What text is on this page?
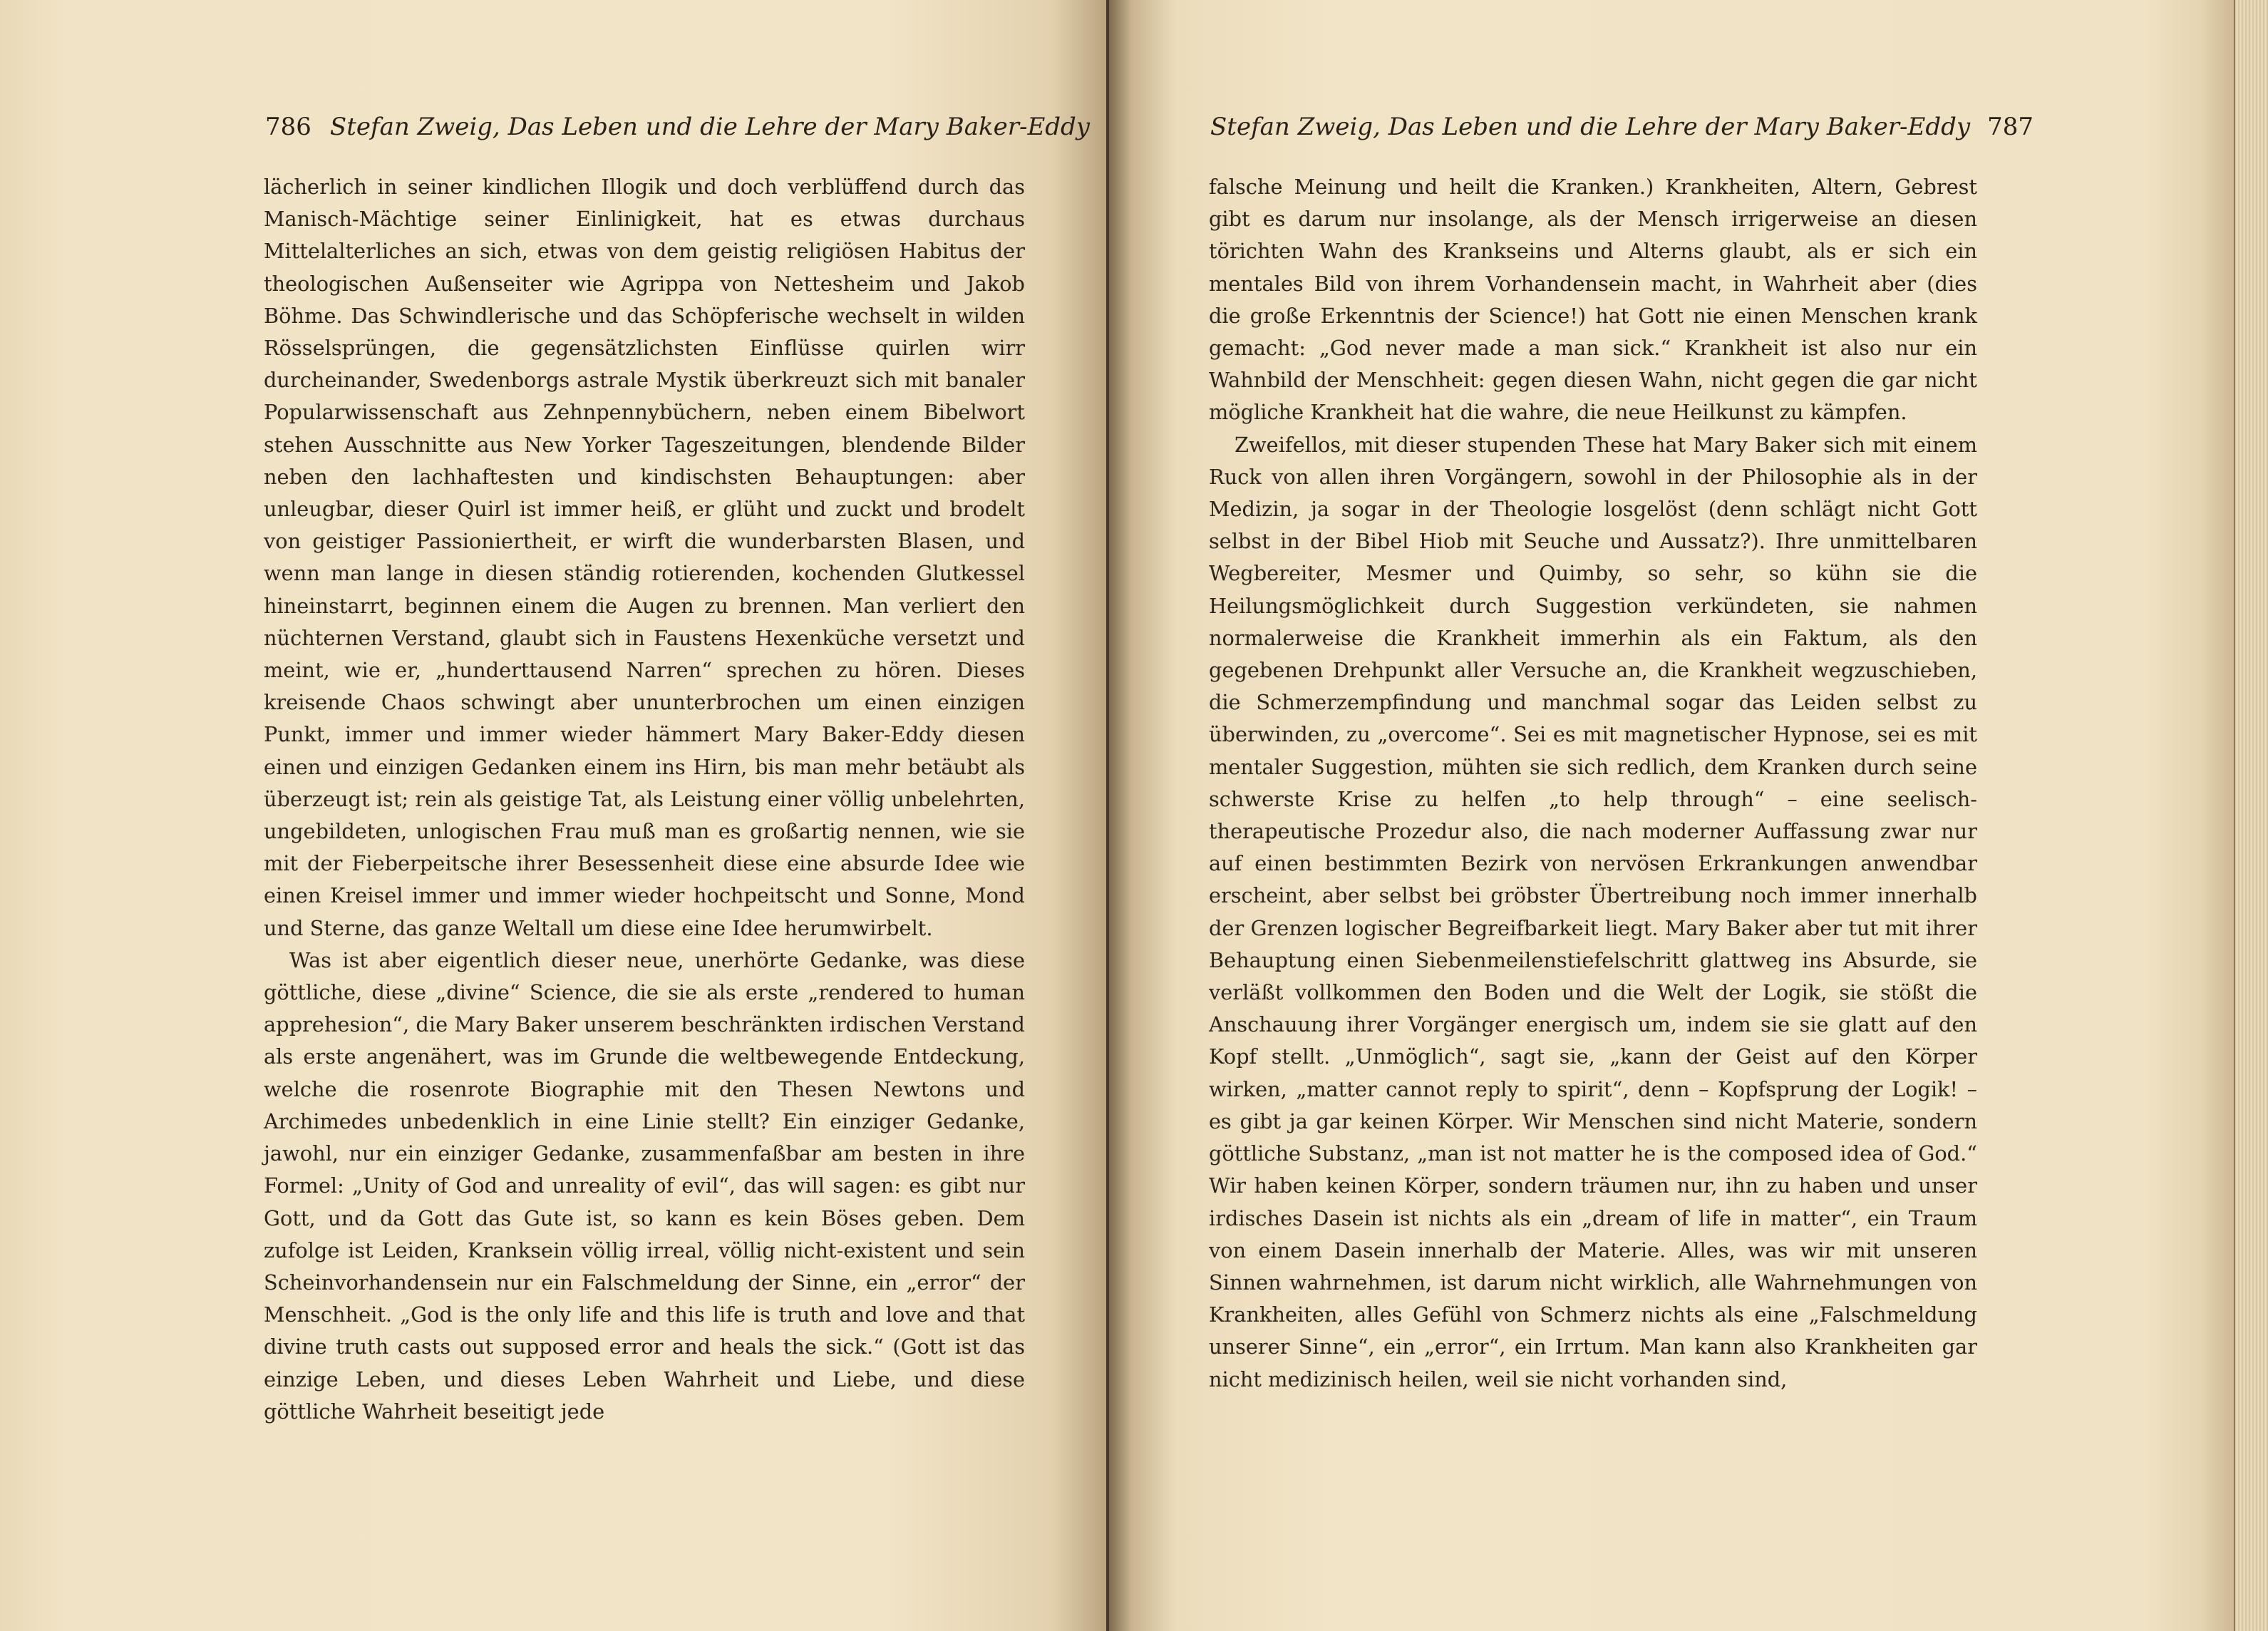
786 Stefan Zweig, Das Leben und die Lehre der Mary Baker-Eddy

lächerlich in seiner kindlichen Illogik und doch verblüffend durch das Manisch-Mächtige seiner Einlinigkeit, hat es etwas durchaus Mittelalterliches an sich, etwas von dem geistig religiösen Habitus der theologischen Außenseiter wie Agrippa von Nettesheim und Jakob Böhme. Das Schwindlerische und das Schöpferische wechselt in wilden Rösselsprüngen, die gegensätzlichsten Einflüsse quirlen wirr durcheinander, Swedenborgs astrale Mystik überkreuzt sich mit banaler Popularwissenschaft aus Zehnpennybüchern, neben einem Bibelwort stehen Ausschnitte aus New Yorker Tageszeitungen, blendende Bilder neben den lachhaftesten und kindischsten Behauptungen: aber unleugbar, dieser Quirl ist immer heiß, er glüht und zuckt und brodelt von geistiger Passioniertheit, er wirft die wunderbarsten Blasen, und wenn man lange in diesen ständig rotierenden, kochenden Glutkessel hineinstarrt, beginnen einem die Augen zu brennen. Man verliert den nüchternen Verstand, glaubt sich in Faustens Hexenküche versetzt und meint, wie er, „hunderttausend Narren“ sprechen zu hören. Dieses kreisende Chaos schwingt aber ununterbrochen um einen einzigen Punkt, immer und immer wieder hämmert Mary Baker-Eddy diesen einen und einzigen Gedanken einem ins Hirn, bis man mehr betäubt als überzeugt ist; rein als geistige Tat, als Leistung einer völlig unbelehrten, ungebildeten, unlogischen Frau muß man es großartig nennen, wie sie mit der Fieberpeitsche ihrer Besessenheit diese eine absurde Idee wie einen Kreisel immer und immer wieder hochpeitscht und Sonne, Mond und Sterne, das ganze Weltall um diese eine Idee herumwirbelt.

Was ist aber eigentlich dieser neue, unerhörte Gedanke, was diese göttliche, diese „divine“ Science, die sie als erste „rendered to human apprehesion“, die Mary Baker unserem beschränkten irdischen Verstand als erste angenähert, was im Grunde die weltbewegende Entdeckung, welche die rosenrote Biographie mit den Thesen Newtons und Archimedes unbedenklich in eine Linie stellt? Ein einziger Gedanke, jawohl, nur ein einziger Gedanke, zusammenfaßbar am besten in ihre Formel: „Unity of God and unreality of evil“, das will sagen: es gibt nur Gott, und da Gott das Gute ist, so kann es kein Böses geben. Dem zufolge ist Leiden, Kranksein völlig irreal, völlig nicht-existent und sein Scheinvorhandensein nur ein Falschmeldung der Sinne, ein „error“ der Menschheit. „God is the only life and this life is truth and love and that divine truth casts out supposed error and heals the sick.“ (Gott ist das einzige Leben, und dieses Leben Wahrheit und Liebe, und diese göttliche Wahrheit beseitigt jede

Stefan Zweig, Das Leben und die Lehre der Mary Baker-Eddy 787

falsche Meinung und heilt die Kranken.) Krankheiten, Altern, Gebrest gibt es darum nur insolange, als der Mensch irrigerweise an diesen törichten Wahn des Krankseins und Alterns glaubt, als er sich ein mentales Bild von ihrem Vorhandensein macht, in Wahrheit aber (dies die große Erkenntnis der Science!) hat Gott nie einen Menschen krank gemacht: „God never made a man sick.“ Krankheit ist also nur ein Wahnbild der Menschheit: gegen diesen Wahn, nicht gegen die gar nicht mögliche Krankheit hat die wahre, die neue Heilkunst zu kämpfen.

Zweifellos, mit dieser stupenden These hat Mary Baker sich mit einem Ruck von allen ihren Vorgängern, sowohl in der Philosophie als in der Medizin, ja sogar in der Theologie losgelöst (denn schlägt nicht Gott selbst in der Bibel Hiob mit Seuche und Aussatz?). Ihre unmittelbaren Wegbereiter, Mesmer und Quimby, so sehr, so kühn sie die Heilungsmöglichkeit durch Suggestion verkündeten, sie nahmen normalerweise die Krankheit immerhin als ein Faktum, als den gegebenen Drehpunkt aller Versuche an, die Krankheit wegzuschieben, die Schmerzempfindung und manchmal sogar das Leiden selbst zu überwinden, zu „overcome“. Sei es mit magnetischer Hypnose, sei es mit mentaler Suggestion, mühten sie sich redlich, dem Kranken durch seine schwerste Krise zu helfen „to help through“ – eine seelisch-therapeutische Prozedur also, die nach moderner Auffassung zwar nur auf einen bestimmten Bezirk von nervösen Erkrankungen anwendbar erscheint, aber selbst bei gröbster Übertreibung noch immer innerhalb der Grenzen logischer Begreifbarkeit liegt. Mary Baker aber tut mit ihrer Behauptung einen Siebenmeilenstiefelschritt glattweg ins Absurde, sie verläßt vollkommen den Boden und die Welt der Logik, sie stößt die Anschauung ihrer Vorgänger energisch um, indem sie sie glatt auf den Kopf stellt. „Unmöglich“, sagt sie, „kann der Geist auf den Körper wirken, „matter cannot reply to spirit“, denn – Kopfsprung der Logik! – es gibt ja gar keinen Körper. Wir Menschen sind nicht Materie, sondern göttliche Substanz, „man ist not matter he is the composed idea of God.“ Wir haben keinen Körper, sondern träumen nur, ihn zu haben und unser irdisches Dasein ist nichts als ein „dream of life in matter“, ein Traum von einem Dasein innerhalb der Materie. Alles, was wir mit unseren Sinnen wahrnehmen, ist darum nicht wirklich, alle Wahrnehmungen von Krankheiten, alles Gefühl von Schmerz nichts als eine „Falschmeldung unserer Sinne“, ein „error“, ein Irrtum. Man kann also Krankheiten gar nicht medizinisch heilen, weil sie nicht vorhanden sind,
